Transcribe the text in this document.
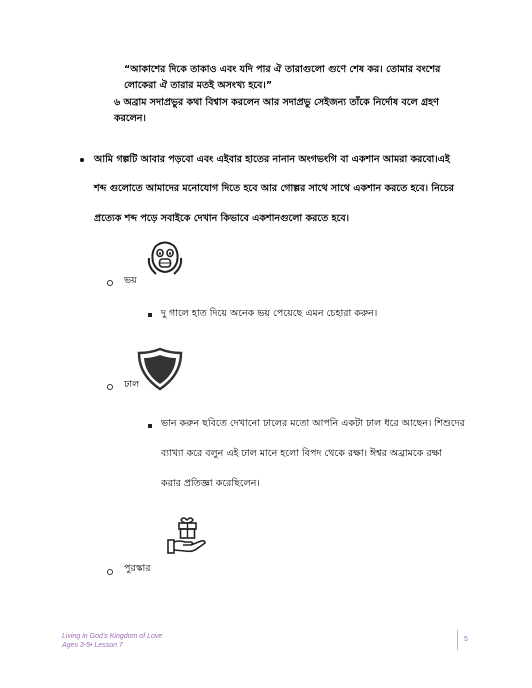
“আকাশের দিকে তাকাও এবং যদি পার ঐ তারাগুলো গুণে শেষ কর। তোমার বংশের
লোকেরা ঐ তারার মতই অসংখ্য হবে।”
৬ অব্রাম সদাপ্রভুর কথা বিশ্বাস করলেন আর সদাপ্রভু সেইজন্য তাঁকে নির্দোষ বলে গ্রহণ
করলেন।
আমি গল্পটি আবার পড়বো এবং এইবার হাতের নানান অংগভংগি বা একশান আমরা করবো।এই
শব্দ গুলোতে আমাদের মনোযোগ দিতে হবে আর গোল্পর সাথে সাথে একশান করতে হবে। নিচের
প্রত্যেক শব্দ পড়ে সবাইকে দেখান কিভাবে একশানগুলো করতে হবে।
ভয়
দু গালে হাত দিয়ে অনেক ভয় পেয়েছে এমন চেহারা করুন।
ঢাল
ভান করুন ছবিতে দেখানো ঢালের মতো আপনি একটা ঢাল ধরে আছেন। শিশুদের
ব্যাখ্যা করে বলুন এই ঢাল মানে হলো বিপদ থেকে রক্ষা। ঈশ্বর অব্রামকে রক্ষা
করার প্রতিজ্ঞা করেছিলেন।
পুরস্কার
Living in God’s Kingdom of Love
Ages 3-5• Lesson 7
5
